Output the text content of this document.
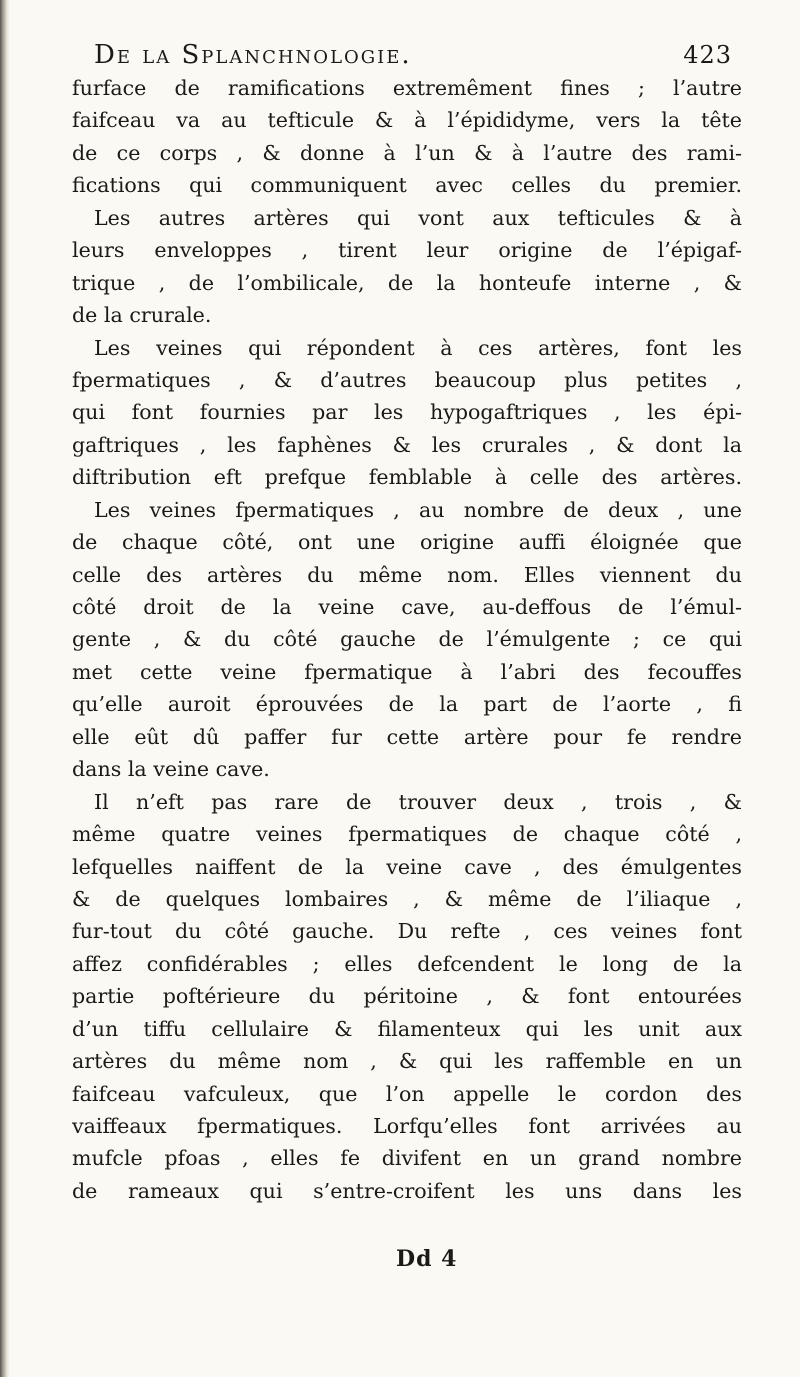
De la Splanchnologie.	423
furface de ramifications extremêment fines ; l’autre
faifceau va au tefticule & à l’épididyme, vers la tête
de ce corps , & donne à l’un & à l’autre des rami-
fications qui communiquent avec celles du premier.
Les autres artères qui vont aux tefticules & à
leurs enveloppes , tirent leur origine de l’épigaf-
trique , de l’ombilicale, de la honteufe interne , &
de la crurale.
Les veines qui répondent à ces artères, font les
fpermatiques , & d’autres beaucoup plus petites ,
qui font fournies par les hypogaftriques , les épi-
gaftriques , les faphènes & les crurales , & dont la
diftribution eft prefque femblable à celle des artères.
Les veines fpermatiques , au nombre de deux , une
de chaque côté, ont une origine auffi éloignée que
celle des artères du même nom. Elles viennent du
côté droit de la veine cave, au-deffous de l’émul-
gente , & du côté gauche de l’émulgente ; ce qui
met cette veine fpermatique à l’abri des fecouffes
qu’elle auroit éprouvées de la part de l’aorte , fi
elle eût dû paffer fur cette artère pour fe rendre
dans la veine cave.
Il n’eft pas rare de trouver deux , trois , &
même quatre veines fpermatiques de chaque côté ,
lefquelles naiffent de la veine cave , des émulgentes
& de quelques lombaires , & même de l’iliaque ,
fur-tout du côté gauche. Du refte , ces veines font
affez confidérables ; elles defcendent le long de la
partie poftérieure du péritoine , & font entourées
d’un tiffu cellulaire & filamenteux qui les unit aux
artères du même nom , & qui les raffemble en un
faifceau vafculeux, que l’on appelle le cordon des
vaiffeaux fpermatiques. Lorfqu’elles font arrivées au
mufcle pfoas , elles fe divifent en un grand nombre
de rameaux qui s’entre-croifent les uns dans les
Dd 4
